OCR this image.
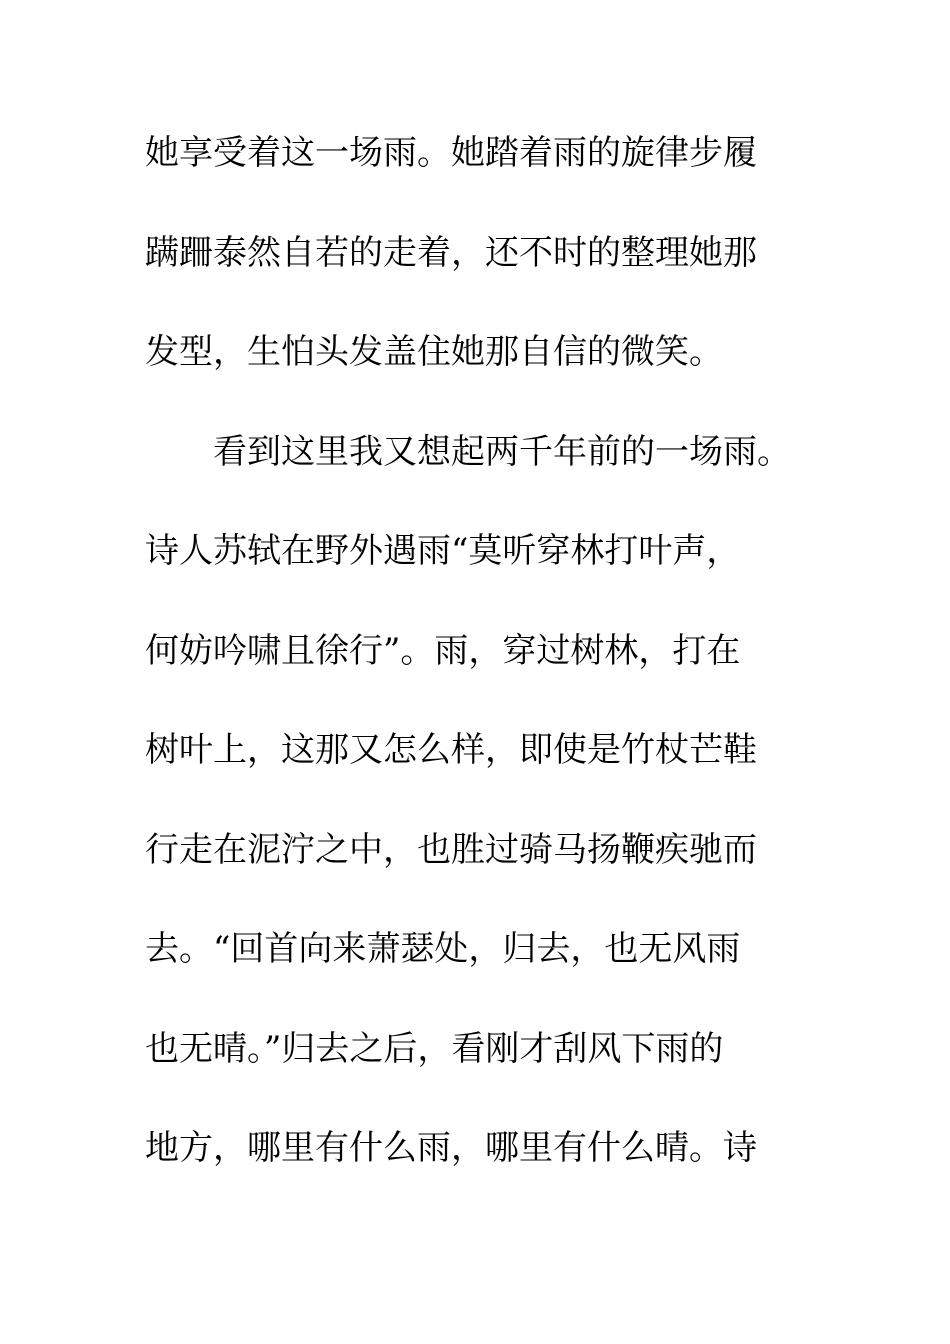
她享受着这一场雨。她踏着雨的旋律步履
蹒跚泰然自若的走着，还不时的整理她那
发型，生怕头发盖住她那自信的微笑。
看到这里我又想起两千年前的一场雨。
诗人苏轼在野外遇雨“莫听穿林打叶声，
何妨吟啸且徐行”。雨，穿过树林，打在
树叶上，这那又怎么样，即使是竹杖芒鞋
行走在泥泞之中，也胜过骑马扬鞭疾驰而
去。“回首向来萧瑟处，归去，也无风雨
也无晴。”归去之后，看刚才刮风下雨的
地方，哪里有什么雨，哪里有什么晴。诗
